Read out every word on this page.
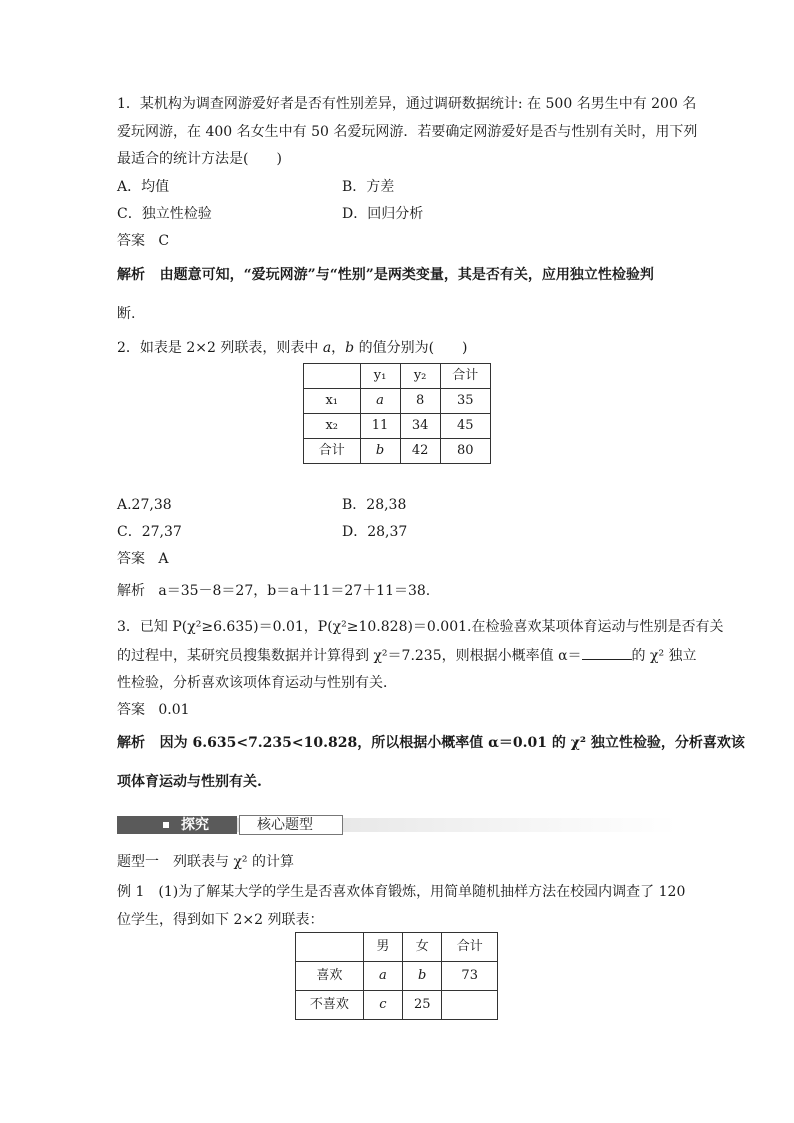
1．某机构为调查网游爱好者是否有性别差异，通过调研数据统计: 在 500 名男生中有 200 名
爱玩网游，在 400 名女生中有 50 名爱玩网游．若要确定网游爱好是否与性别有关时，用下列
最适合的统计方法是(　　)
A．均值	B．方差
C．独立性检验	D．回归分析
答案 C
解析 由题意可知，“爱玩网游”与“性别”是两类变量，其是否有关，应用独立性检验判
断.
2．如表是 2×2 列联表，则表中 a，b 的值分别为(　　)
	y₁	y₂	合计
x₁	a	8	35
x₂	11	34	45
合计	b	42	80
A.27,38	B．28,38
C．27,37	D．28,37
答案 A
解析 a＝35－8＝27，b＝a＋11＝27＋11＝38.
3．已知 P(χ²≥6.635)＝0.01，P(χ²≥10.828)＝0.001.在检验喜欢某项体育运动与性别是否有关
的过程中，某研究员搜集数据并计算得到 χ²＝7.235，则根据小概率值 α＝	的 χ² 独立
性检验，分析喜欢该项体育运动与性别有关．
答案 0.01
解析 因为 6.635<7.235<10.828，所以根据小概率值 α＝0.01 的 χ² 独立性检验，分析喜欢该
项体育运动与性别有关.
探究	核心题型
题型一　列联表与 χ² 的计算
例 1　(1)为了解某大学的学生是否喜欢体育锻炼，用简单随机抽样方法在校园内调查了 120
位学生，得到如下 2×2 列联表：
	男	女	合计
喜欢	a	b	73
不喜欢	c	25	
